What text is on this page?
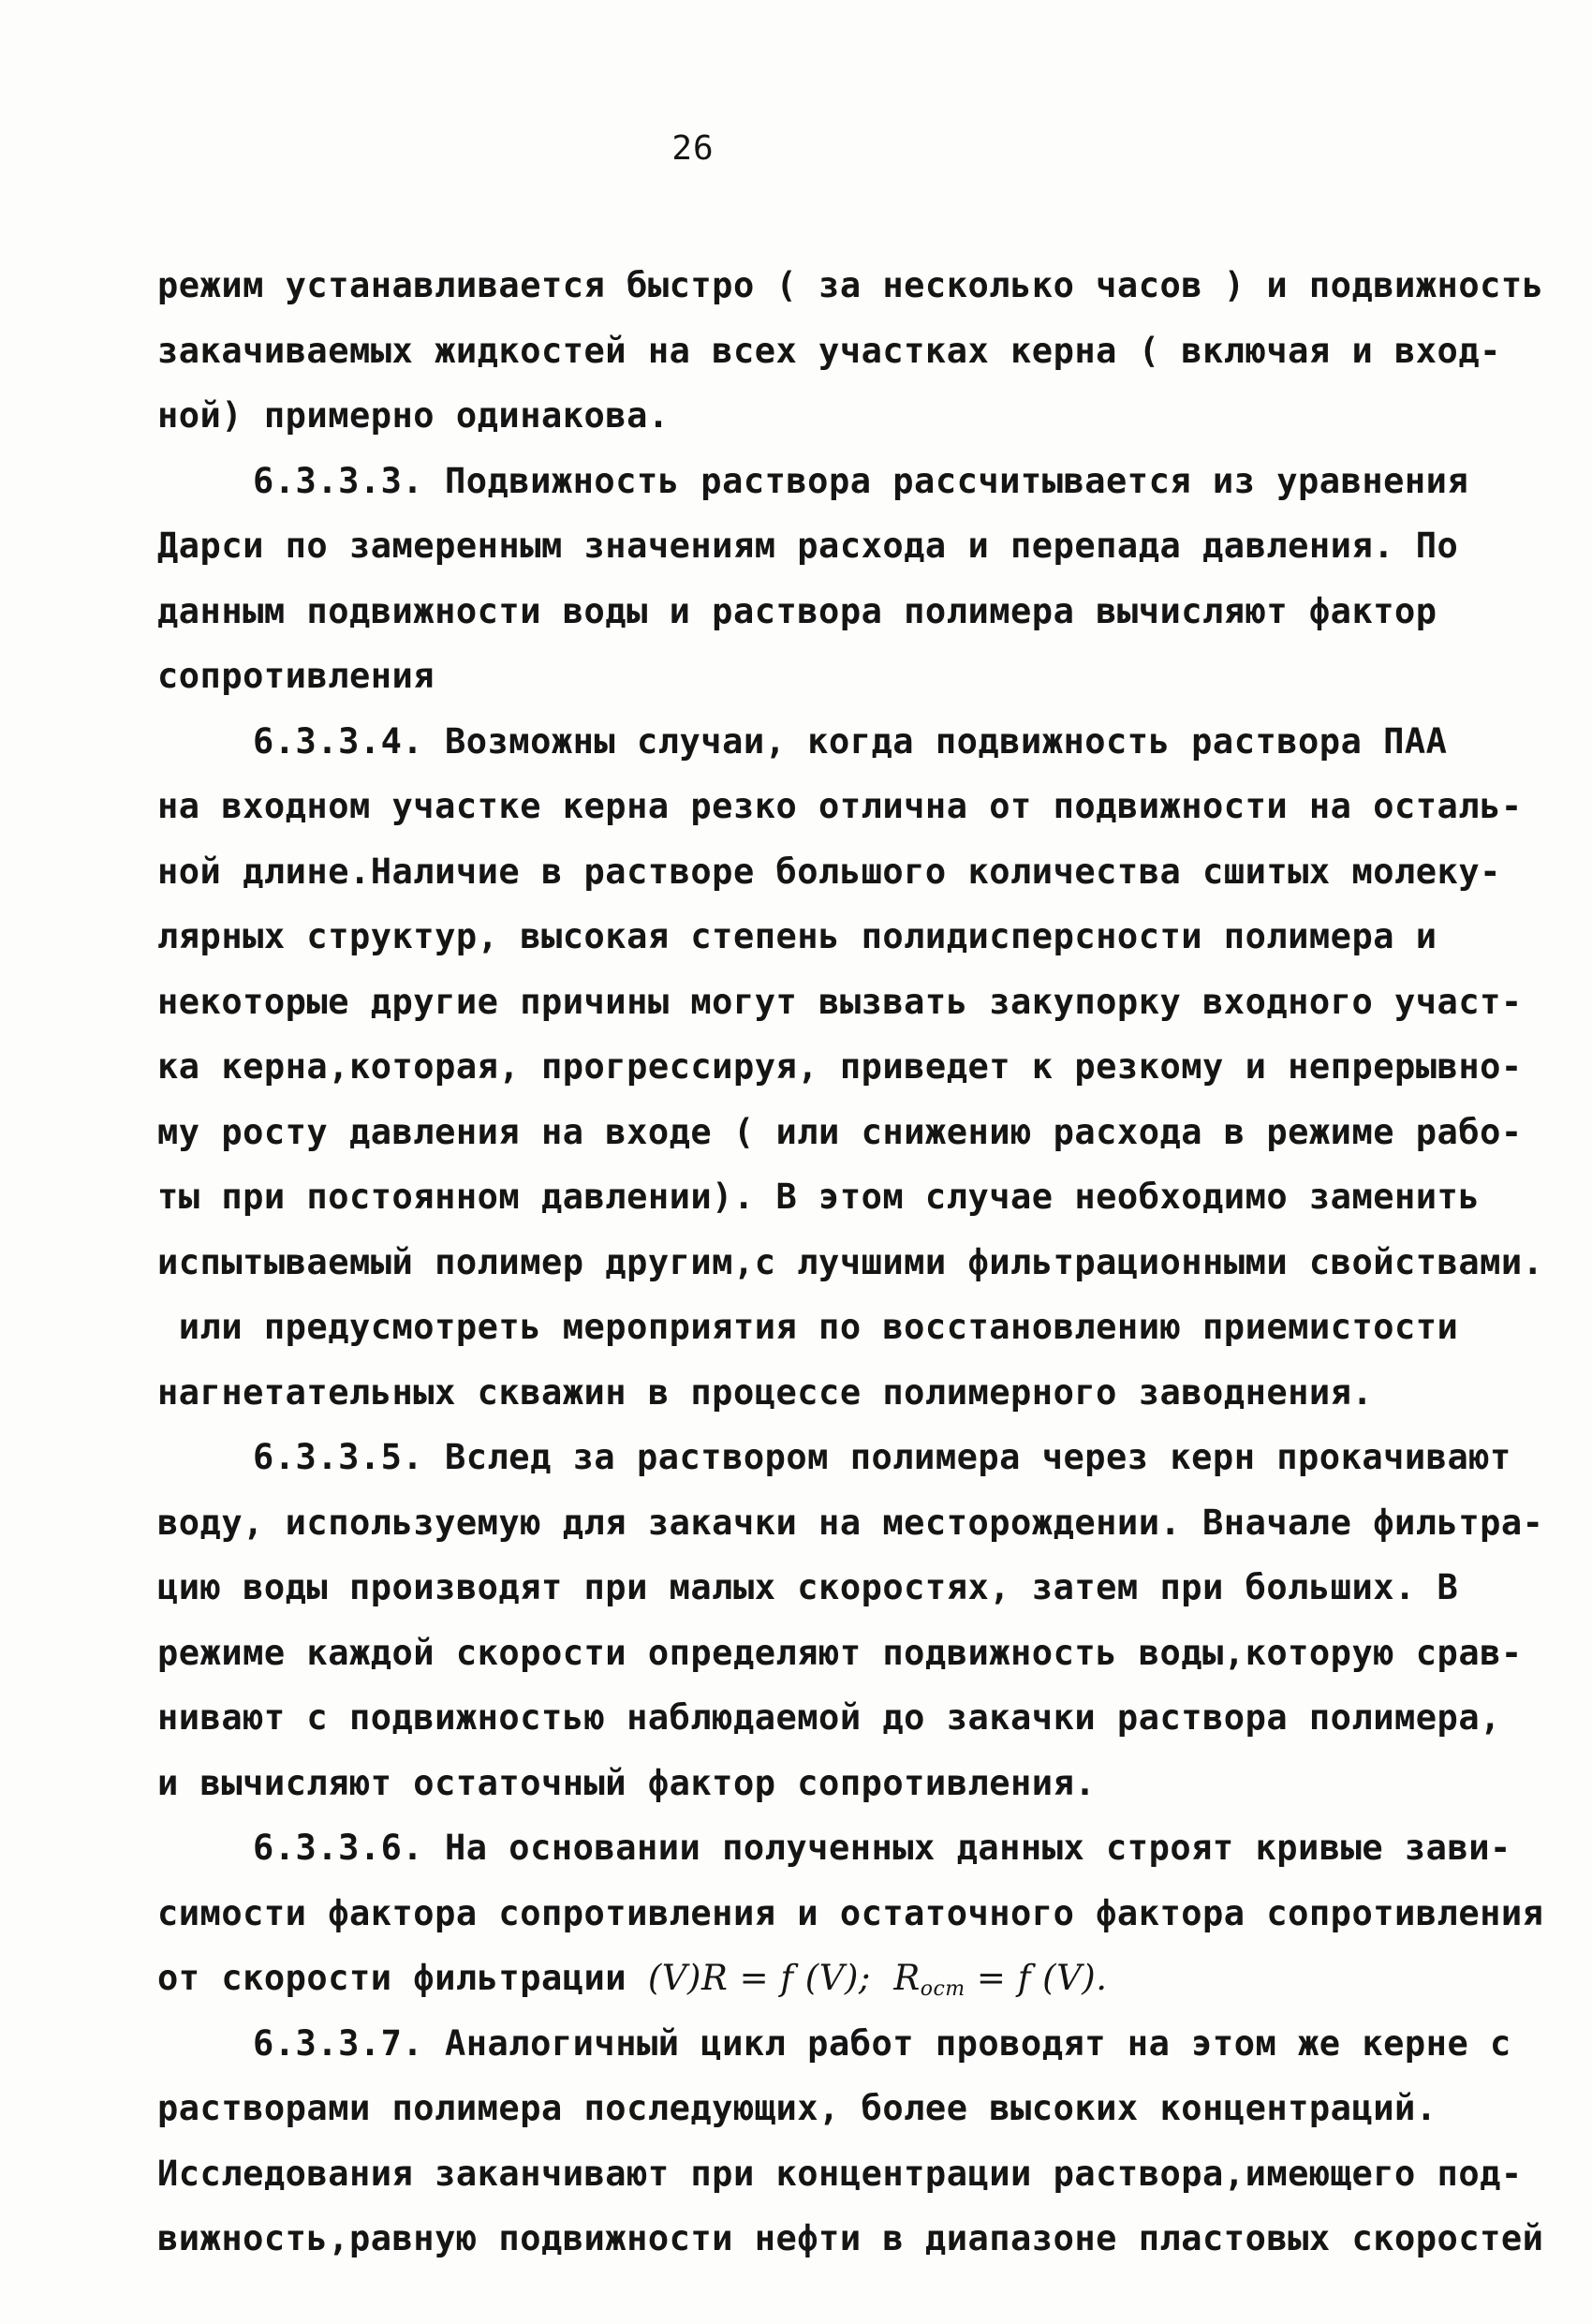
26
режим устанавливается быстро ( за несколько часов ) и подвижность
закачиваемых жидкостей на всех участках керна ( включая и вход-
ной) примерно одинакова.
6.3.3.3. Подвижность раствора рассчитывается из уравнения
Дарси по замеренным значениям расхода и перепада давления. По
данным подвижности воды и раствора полимера вычисляют фактор
сопротивления
6.3.3.4. Возможны случаи, когда подвижность раствора ПАА
на входном участке керна резко отлична от подвижности на осталь-
ной длине.Наличие в растворе большого количества сшитых молеку-
лярных структур, высокая степень полидисперсности полимера и
некоторые другие причины могут вызвать закупорку входного участ-
ка керна,которая, прогрессируя, приведет к резкому и непрерывно-
му росту давления на входе ( или снижению расхода в режиме рабо-
ты при постоянном давлении). В этом случае необходимо заменить
испытываемый полимер другим,с лучшими фильтрационными свойствами.
или предусмотреть мероприятия по восстановлению приемистости
нагнетательных скважин в процессе полимерного заводнения.
6.3.3.5. Вслед за раствором полимера через керн прокачивают
воду, используемую для закачки на месторождении. Вначале фильтра-
цию воды производят при малых скоростях, затем при больших. В
режиме каждой скорости определяют подвижность воды,которую срав-
нивают с подвижностью наблюдаемой до закачки раствора полимера,
и вычисляют остаточный фактор сопротивления.
6.3.3.6. На основании полученных данных строят кривые зави-
симости фактора сопротивления и остаточного фактора сопротивления
от скорости фильтрации (V)R = f (V);  $R_{ост} = f$ (V).
6.3.3.7. Аналогичный цикл работ проводят на этом же керне с
растворами полимера последующих, более высоких концентраций.
Исследования заканчивают при концентрации раствора,имеющего под-
вижность,равную подвижности нефти в диапазоне пластовых скоростей
